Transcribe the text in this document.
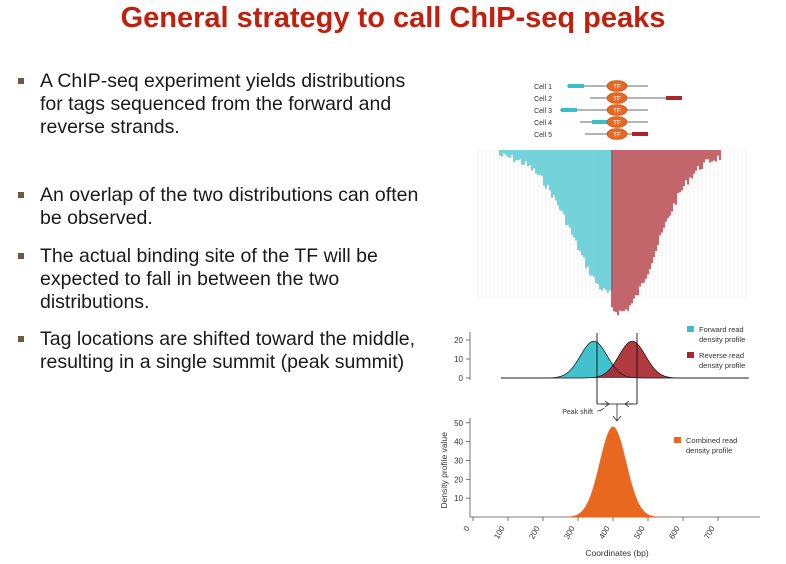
General strategy to call ChIP-seq peaks
A ChIP-seq experiment yields distributions for tags sequenced from the forward and reverse strands.
An overlap of the two distributions can often be observed.
The actual binding site of the TF will be expected to fall in between the two distributions.
Tag locations are shifted toward the middle, resulting in a single summit (peak summit)
Cell 1	TF
Cell 2	TF
Cell 3	TF
Cell 4	TF
Cell 5	TF
20
10
0
Forward read density profile
Reverse read density profile
Peak shift
50
40
30
20
10
0	100	200	300	400	500	600	700
Density profile value
Coordinates (bp)
Combined read density profile
